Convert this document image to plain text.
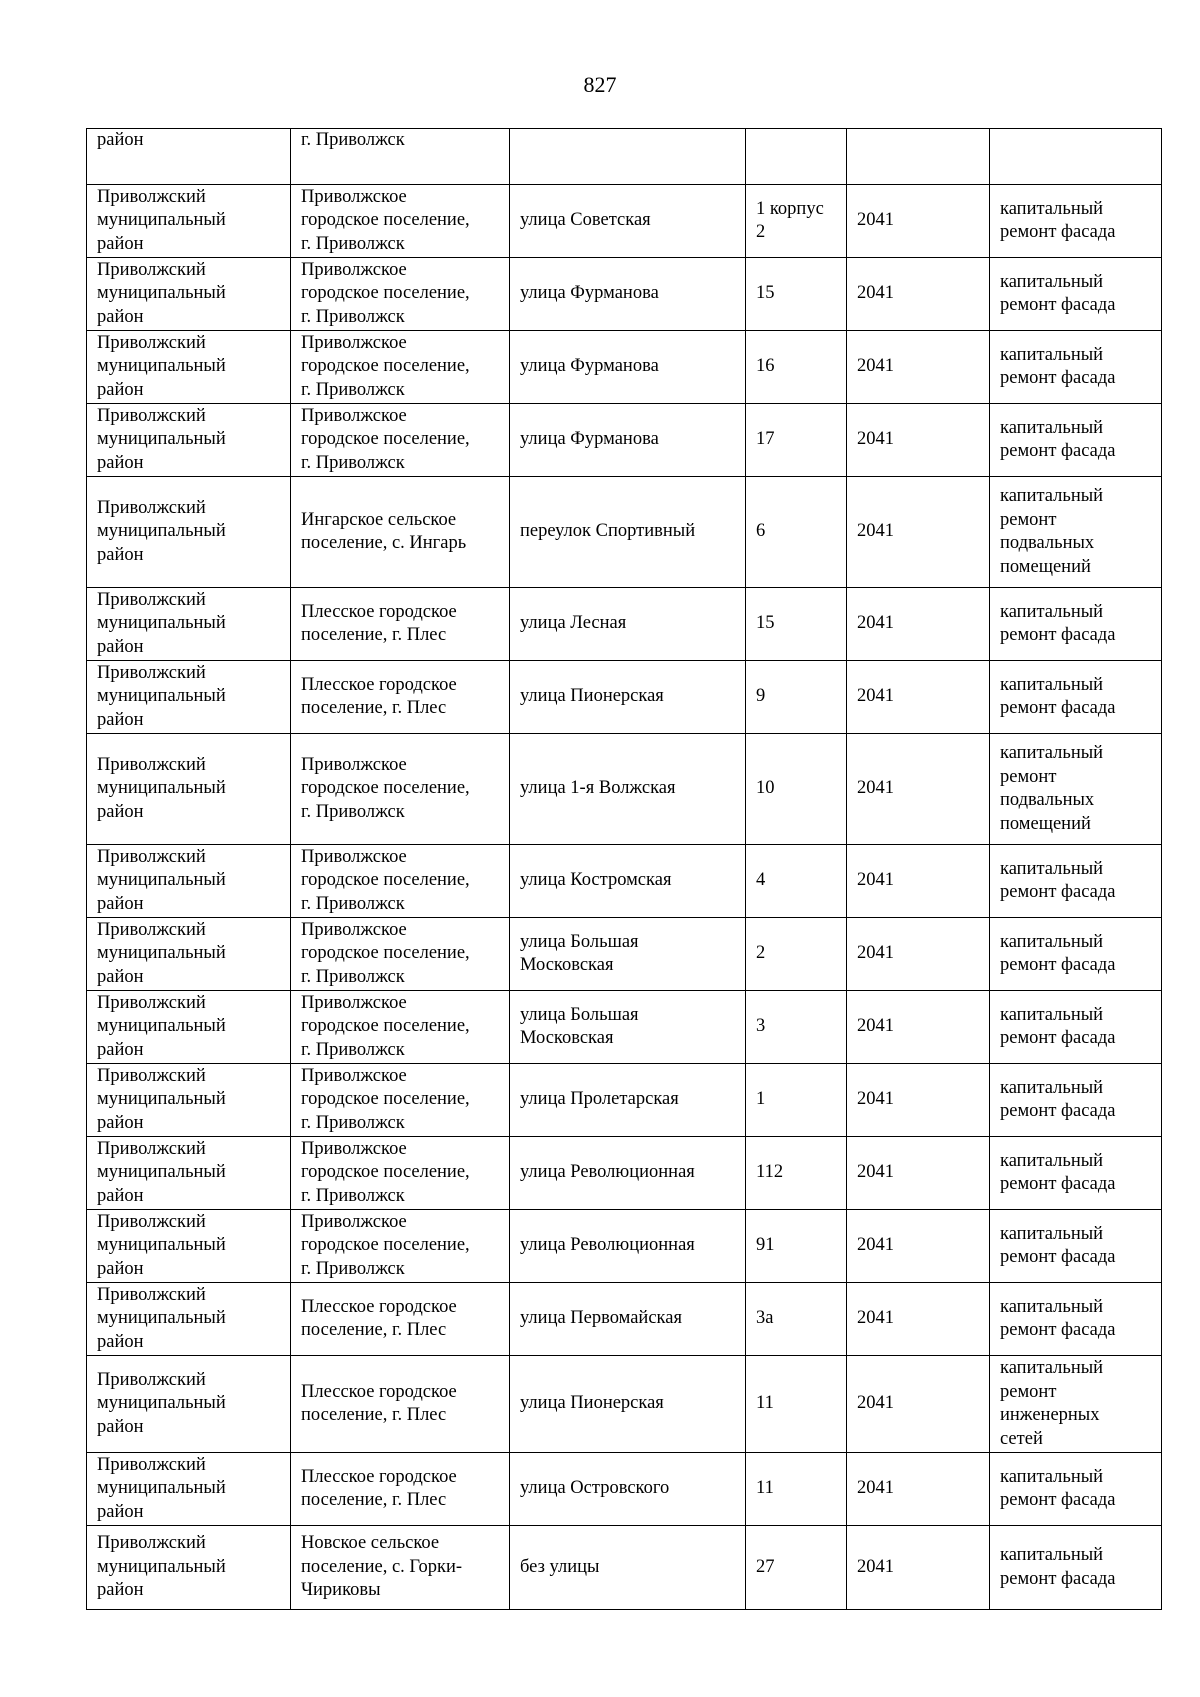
827
район	г. Приволжск				
Приволжский
муниципальный
район	Приволжское
городское поселение,
г. Приволжск	улица Советская	1 корпус
2	2041	капитальный
ремонт фасада
Приволжский
муниципальный
район	Приволжское
городское поселение,
г. Приволжск	улица Фурманова	15	2041	капитальный
ремонт фасада
Приволжский
муниципальный
район	Приволжское
городское поселение,
г. Приволжск	улица Фурманова	16	2041	капитальный
ремонт фасада
Приволжский
муниципальный
район	Приволжское
городское поселение,
г. Приволжск	улица Фурманова	17	2041	капитальный
ремонт фасада
Приволжский
муниципальный
район	Ингарское сельское
поселение, с. Ингарь	переулок Спортивный	6	2041	капитальный
ремонт
подвальных
помещений
Приволжский
муниципальный
район	Плесское городское
поселение, г. Плес	улица Лесная	15	2041	капитальный
ремонт фасада
Приволжский
муниципальный
район	Плесское городское
поселение, г. Плес	улица Пионерская	9	2041	капитальный
ремонт фасада
Приволжский
муниципальный
район	Приволжское
городское поселение,
г. Приволжск	улица 1-я Волжская	10	2041	капитальный
ремонт
подвальных
помещений
Приволжский
муниципальный
район	Приволжское
городское поселение,
г. Приволжск	улица Костромская	4	2041	капитальный
ремонт фасада
Приволжский
муниципальный
район	Приволжское
городское поселение,
г. Приволжск	улица Большая
Московская	2	2041	капитальный
ремонт фасада
Приволжский
муниципальный
район	Приволжское
городское поселение,
г. Приволжск	улица Большая
Московская	3	2041	капитальный
ремонт фасада
Приволжский
муниципальный
район	Приволжское
городское поселение,
г. Приволжск	улица Пролетарская	1	2041	капитальный
ремонт фасада
Приволжский
муниципальный
район	Приволжское
городское поселение,
г. Приволжск	улица Революционная	112	2041	капитальный
ремонт фасада
Приволжский
муниципальный
район	Приволжское
городское поселение,
г. Приволжск	улица Революционная	91	2041	капитальный
ремонт фасада
Приволжский
муниципальный
район	Плесское городское
поселение, г. Плес	улица Первомайская	3а	2041	капитальный
ремонт фасада
Приволжский
муниципальный
район	Плесское городское
поселение, г. Плес	улица Пионерская	11	2041	капитальный
ремонт
инженерных
сетей
Приволжский
муниципальный
район	Плесское городское
поселение, г. Плес	улица Островского	11	2041	капитальный
ремонт фасада
Приволжский
муниципальный
район	Новское сельское
поселение, с. Горки-
Чириковы	без улицы	27	2041	капитальный
ремонт фасада
